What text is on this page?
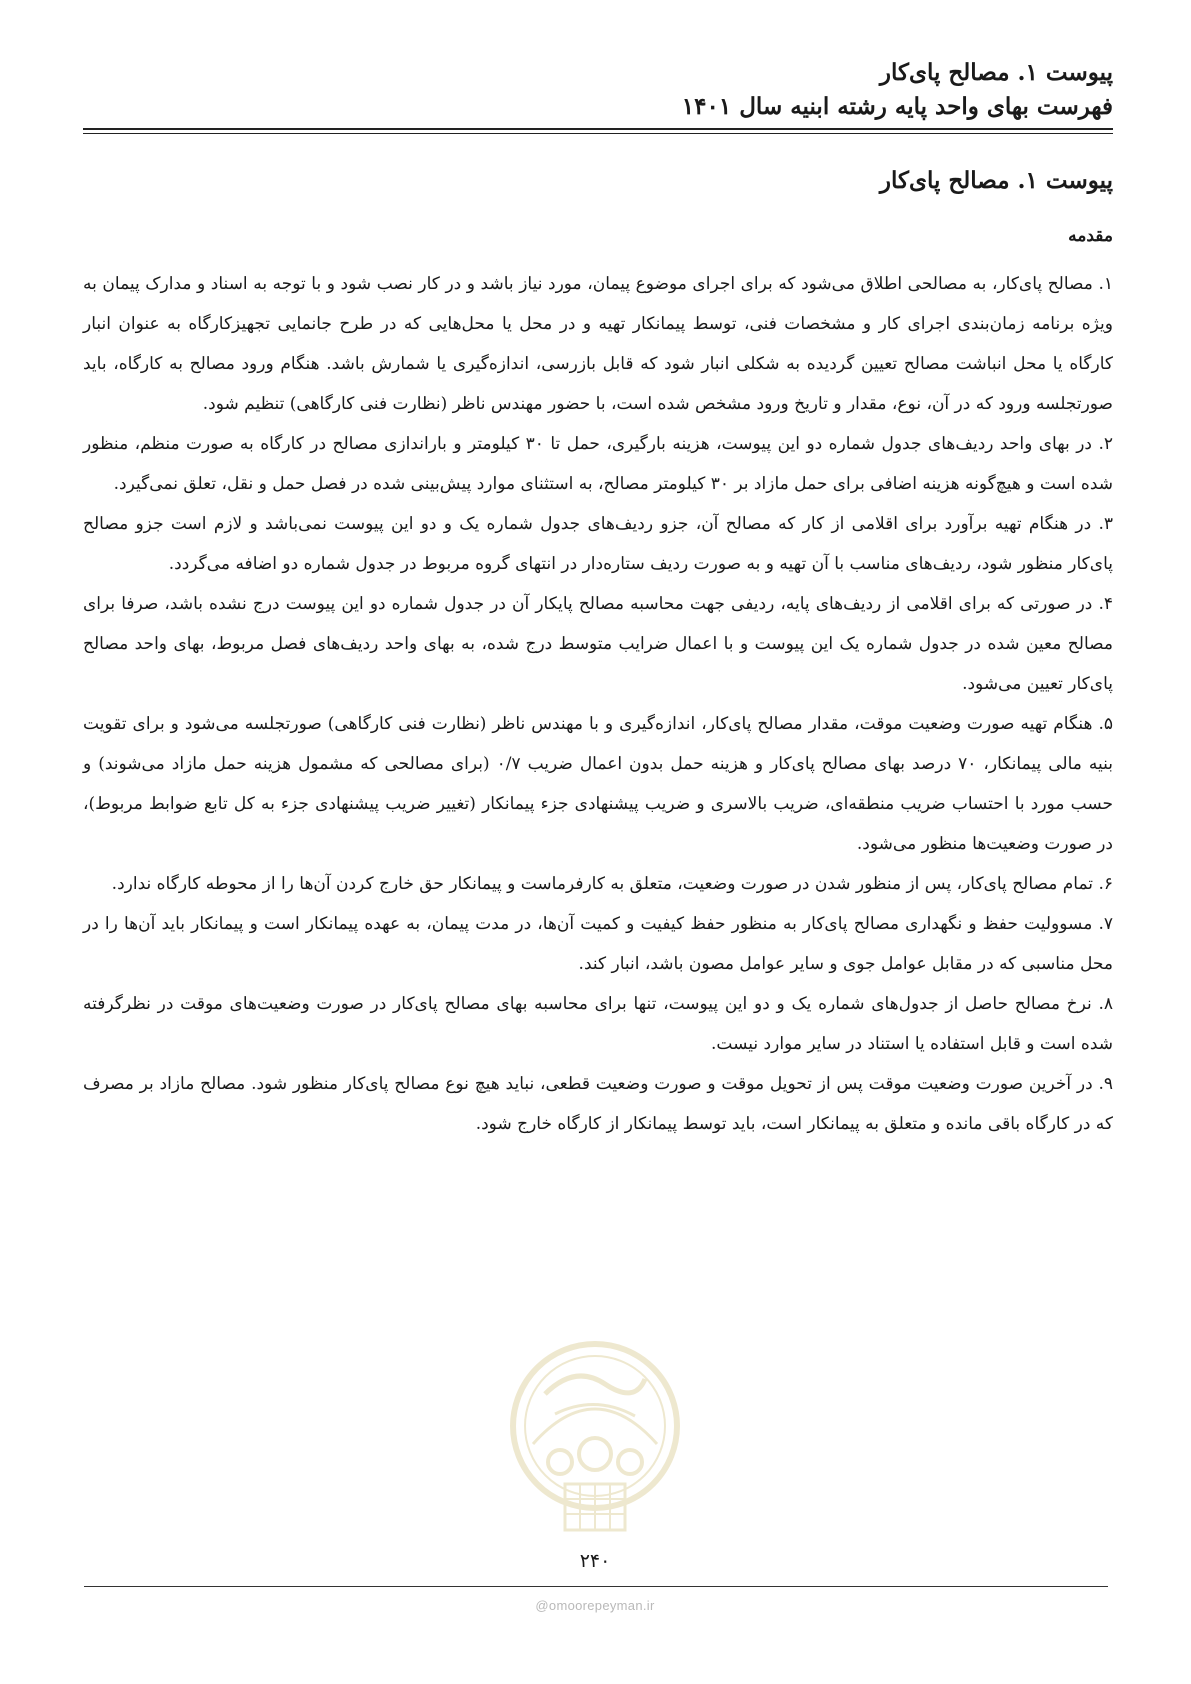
پیوست ۱. مصالح پای‌کار
فهرست بهای واحد پایه رشته ابنیه سال ۱۴۰۱
پیوست ۱. مصالح پای‌کار
مقدمه

۱. مصالح پای‌کار، به مصالحی اطلاق می‌شود که برای اجرای موضوع پیمان، مورد نیاز باشد و در کار نصب شود و با توجه به اسناد و مدارک پیمان به ویژه برنامه زمان‌بندی اجرای کار و مشخصات فنی، توسط پیمانکار تهیه و در محل یا محل‌هایی که در طرح جانمایی تجهیزکارگاه به عنوان انبار کارگاه یا محل انباشت مصالح تعیین گردیده به شکلی انبار شود که قابل بازرسی، اندازه‌گیری یا شمارش باشد. هنگام ورود مصالح به کارگاه، باید صورتجلسه ورود که در آن، نوع، مقدار و تاریخ ورود مشخص شده است، با حضور مهندس ناظر (نظارت فنی کارگاهی) تنظیم شود.

۲. در بهای واحد ردیف‌های جدول شماره دو این پیوست، هزینه بارگیری، حمل تا ۳۰ کیلومتر و باراندازی مصالح در کارگاه به صورت منظم، منظور شده است و هیچ‌گونه هزینه اضافی برای حمل مازاد بر ۳۰ کیلومتر مصالح، به استثنای موارد پیش‌بینی شده در فصل حمل و نقل، تعلق نمی‌گیرد.

۳. در هنگام تهیه برآورد برای اقلامی از کار که مصالح آن، جزو ردیف‌های جدول شماره یک و دو این پیوست نمی‌باشد و لازم است جزو مصالح پای‌کار منظور شود، ردیف‌های مناسب با آن تهیه و به صورت ردیف ستاره‌دار در انتهای گروه مربوط در جدول شماره دو اضافه می‌گردد.

۴. در صورتی که برای اقلامی از ردیف‌های پایه، ردیفی جهت محاسبه مصالح پایکار آن در جدول شماره دو این پیوست درج نشده باشد، صرفا برای مصالح معین شده در جدول شماره یک این پیوست و با اعمال ضرایب متوسط درج شده، به بهای واحد ردیف‌های فصل مربوط، بهای واحد مصالح پای‌کار تعیین می‌شود.

۵. هنگام تهیه صورت وضعیت موقت، مقدار مصالح پای‌کار، اندازه‌گیری و با مهندس ناظر (نظارت فنی کارگاهی) صورتجلسه می‌شود و برای تقویت بنیه مالی پیمانکار، ۷۰ درصد بهای مصالح پای‌کار و هزینه حمل بدون اعمال ضریب ۰/۷ (برای مصالحی که مشمول هزینه حمل مازاد می‌شوند) و حسب مورد با احتساب ضریب منطقه‌ای، ضریب بالاسری و ضریب پیشنهادی جزء پیمانکار (تغییر ضریب پیشنهادی جزء به کل تابع ضوابط مربوط)، در صورت وضعیت‌ها منظور می‌شود.

۶. تمام مصالح پای‌کار، پس از منظور شدن در صورت وضعیت، متعلق به کارفرماست و پیمانکار حق خارج کردن آن‌ها را از محوطه کارگاه ندارد.

۷. مسوولیت حفظ و نگهداری مصالح پای‌کار به منظور حفظ کیفیت و کمیت آن‌ها، در مدت پیمان، به عهده پیمانکار است و پیمانکار باید آن‌ها را در محل مناسبی که در مقابل عوامل جوی و سایر عوامل مصون باشد، انبار کند.

۸. نرخ مصالح حاصل از جدول‌های شماره یک و دو این پیوست، تنها برای محاسبه بهای مصالح پای‌کار در صورت وضعیت‌های موقت در نظرگرفته شده است و قابل استفاده یا استناد در سایر موارد نیست.

۹. در آخرین صورت وضعیت موقت پس از تحویل موقت و صورت وضعیت قطعی، نباید هیچ نوع مصالح پای‌کار منظور شود. مصالح مازاد بر مصرف که در کارگاه باقی مانده و متعلق به پیمانکار است، باید توسط پیمانکار از کارگاه خارج شود.

۲۴۰
@omoorepeyman.ir
